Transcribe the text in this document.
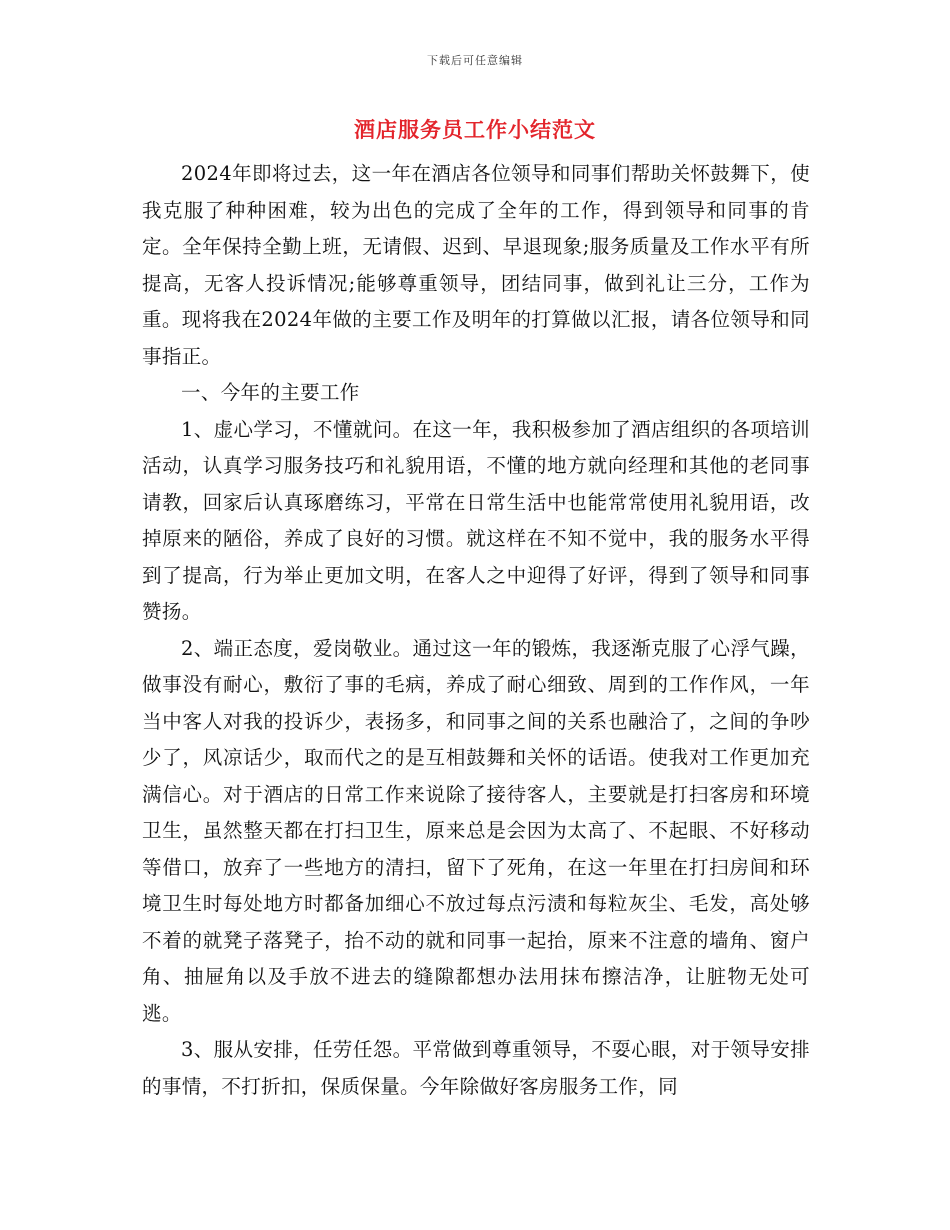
下载后可任意编辑
酒店服务员工作小结范文

2024年即将过去，这一年在酒店各位领导和同事们帮助关怀鼓舞下，使我克服了种种困难，较为出色的完成了全年的工作，得到领导和同事的肯定。全年保持全勤上班，无请假、迟到、早退现象;服务质量及工作水平有所提高，无客人投诉情况;能够尊重领导，团结同事，做到礼让三分，工作为重。现将我在2024年做的主要工作及明年的打算做以汇报，请各位领导和同事指正。

一、今年的主要工作

1、虚心学习，不懂就问。在这一年，我积极参加了酒店组织的各项培训活动，认真学习服务技巧和礼貌用语，不懂的地方就向经理和其他的老同事请教，回家后认真琢磨练习，平常在日常生活中也能常常使用礼貌用语，改掉原来的陋俗，养成了良好的习惯。就这样在不知不觉中，我的服务水平得到了提高，行为举止更加文明，在客人之中迎得了好评，得到了领导和同事赞扬。

2、端正态度，爱岗敬业。通过这一年的锻炼，我逐渐克服了心浮气躁，做事没有耐心，敷衍了事的毛病，养成了耐心细致、周到的工作作风，一年当中客人对我的投诉少，表扬多，和同事之间的关系也融洽了，之间的争吵少了，风凉话少，取而代之的是互相鼓舞和关怀的话语。使我对工作更加充满信心。对于酒店的日常工作来说除了接待客人，主要就是打扫客房和环境卫生，虽然整天都在打扫卫生，原来总是会因为太高了、不起眼、不好移动等借口，放弃了一些地方的清扫，留下了死角，在这一年里在打扫房间和环境卫生时每处地方时都备加细心不放过每点污渍和每粒灰尘、毛发，高处够不着的就凳子落凳子，抬不动的就和同事一起抬，原来不注意的墙角、窗户角、抽屉角以及手放不进去的缝隙都想办法用抹布擦洁净，让脏物无处可逃。

3、服从安排，任劳任怨。平常做到尊重领导，不耍心眼，对于领导安排的事情，不打折扣，保质保量。今年除做好客房服务工作，同
